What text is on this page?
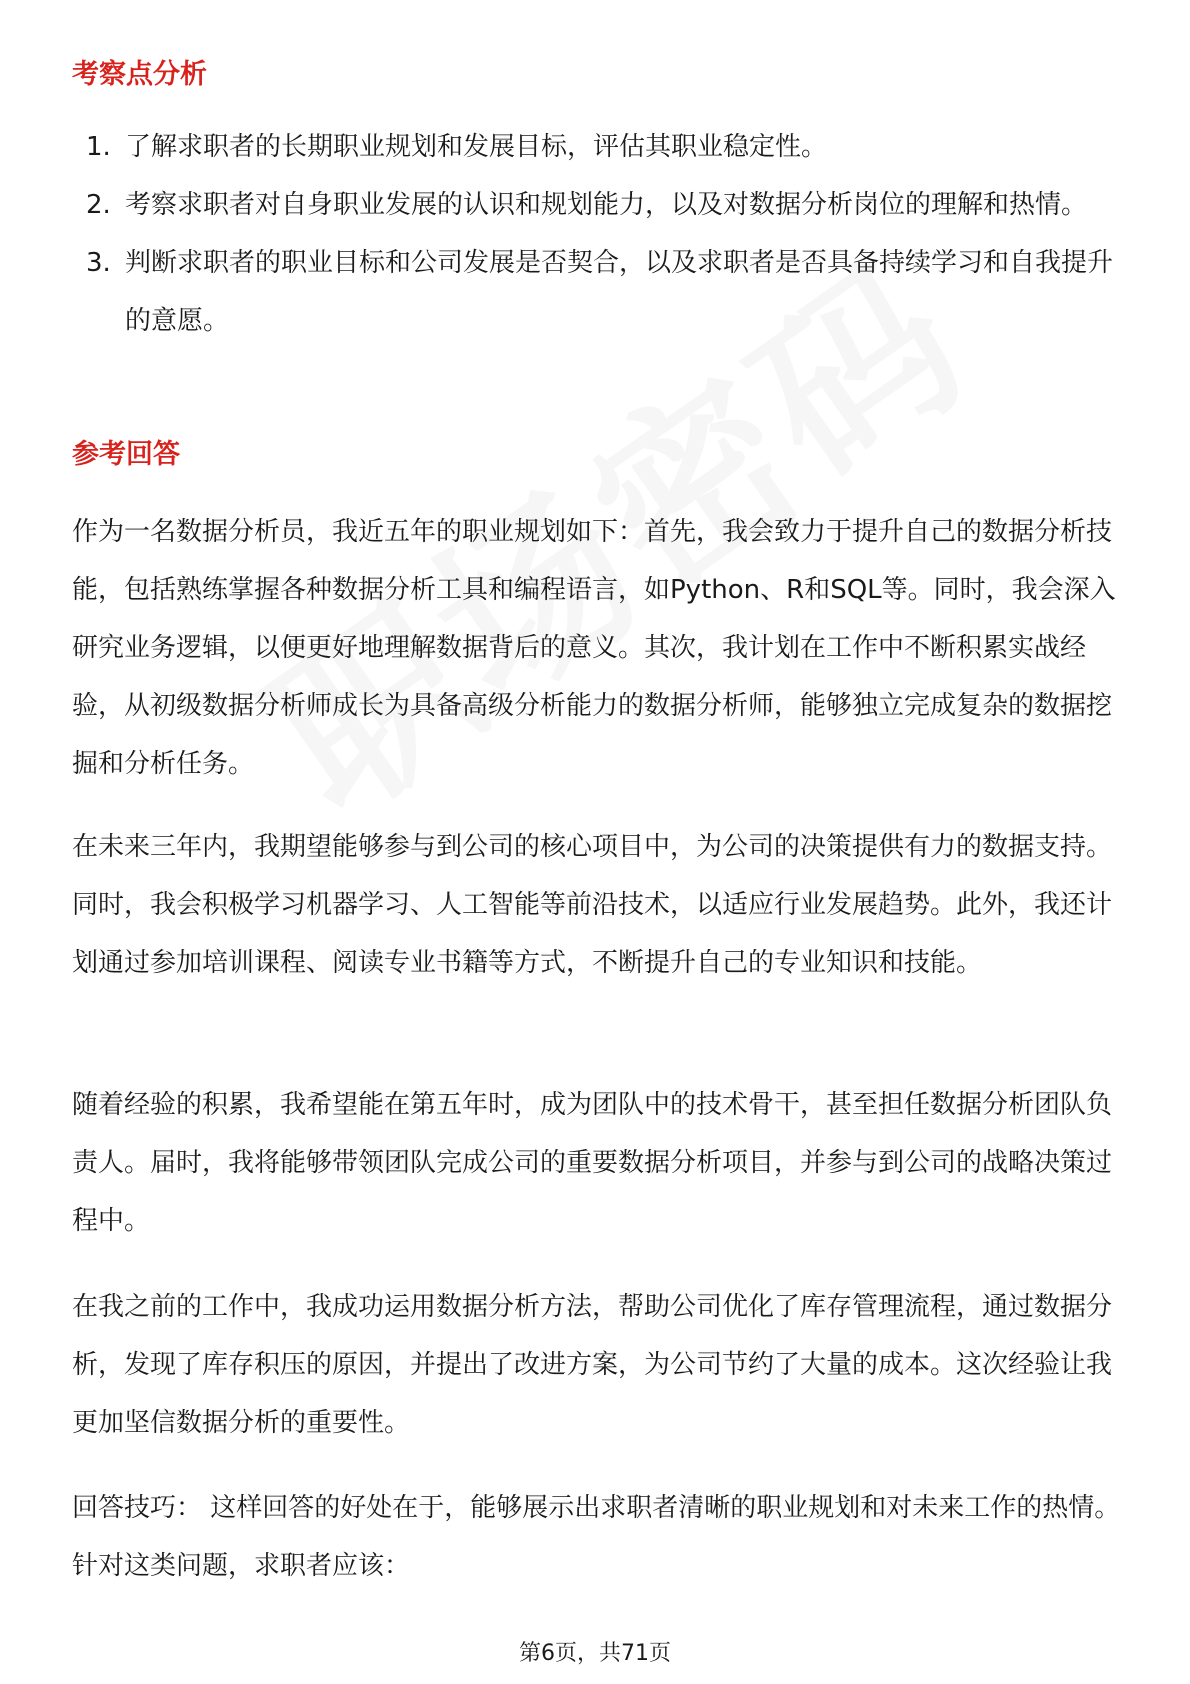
考察点分析
1. 了解求职者的长期职业规划和发展目标，评估其职业稳定性。
2. 考察求职者对自身职业发展的认识和规划能力，以及对数据分析岗位的理解和热情。
3. 判断求职者的职业目标和公司发展是否契合，以及求职者是否具备持续学习和自我提升的意愿。
参考回答

作为一名数据分析员，我近五年的职业规划如下：首先，我会致力于提升自己的数据分析技能，包括熟练掌握各种数据分析工具和编程语言，如Python、R和SQL等。同时，我会深入研究业务逻辑，以便更好地理解数据背后的意义。其次，我计划在工作中不断积累实战经验，从初级数据分析师成长为具备高级分析能力的数据分析师，能够独立完成复杂的数据挖掘和分析任务。

在未来三年内，我期望能够参与到公司的核心项目中，为公司的决策提供有力的数据支持。同时，我会积极学习机器学习、人工智能等前沿技术，以适应行业发展趋势。此外，我还计划通过参加培训课程、阅读专业书籍等方式，不断提升自己的专业知识和技能。

随着经验的积累，我希望能在第五年时，成为团队中的技术骨干，甚至担任数据分析团队负责人。届时，我将能够带领团队完成公司的重要数据分析项目，并参与到公司的战略决策过程中。

在我之前的工作中，我成功运用数据分析方法，帮助公司优化了库存管理流程，通过数据分析，发现了库存积压的原因，并提出了改进方案，为公司节约了大量的成本。这次经验让我更加坚信数据分析的重要性。

回答技巧： 这样回答的好处在于，能够展示出求职者清晰的职业规划和对未来工作的热情。针对这类问题，求职者应该：

第6页，共71页
